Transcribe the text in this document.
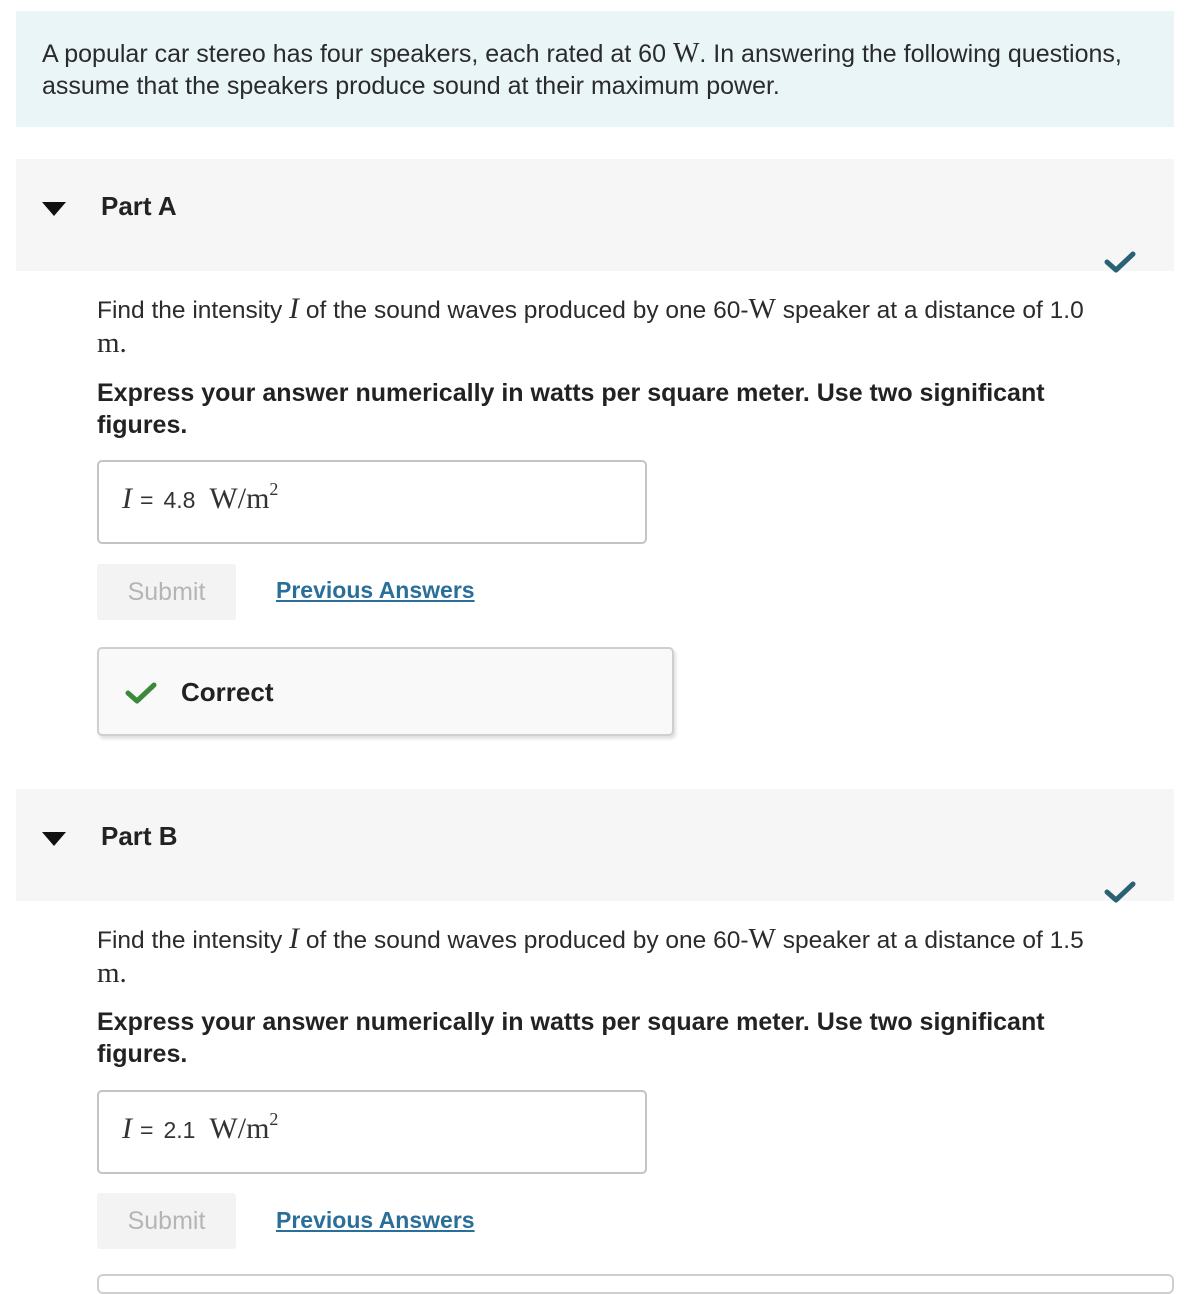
A popular car stereo has four speakers, each rated at 60 W. In answering the following questions, assume that the speakers produce sound at their maximum power.
Part A
Find the intensity I of the sound waves produced by one 60-W speaker at a distance of 1.0
m.
Express your answer numerically in watts per square meter. Use two significant figures.
I = 4.8 $W/m^2$
Submit	Previous Answers
Correct
Part B
Find the intensity I of the sound waves produced by one 60-W speaker at a distance of 1.5
m.
Express your answer numerically in watts per square meter. Use two significant figures.
I = 2.1 $W/m^2$
Submit	Previous Answers
